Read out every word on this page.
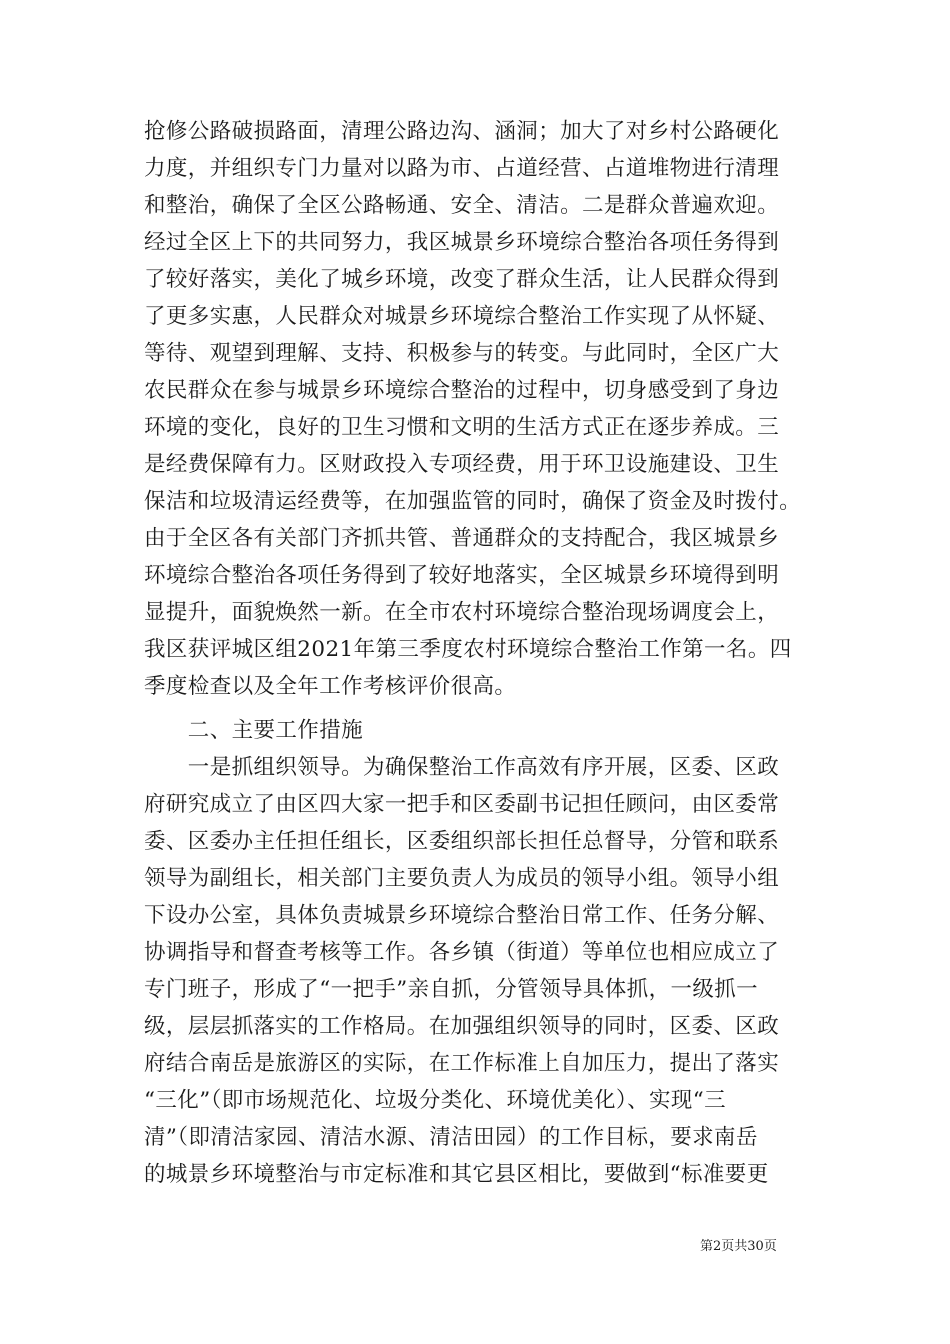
抢修公路破损路面，清理公路边沟、涵洞；加大了对乡村公路硬化
力度，并组织专门力量对以路为市、占道经营、占道堆物进行清理
和整治，确保了全区公路畅通、安全、清洁。二是群众普遍欢迎。
经过全区上下的共同努力，我区城景乡环境综合整治各项任务得到
了较好落实，美化了城乡环境，改变了群众生活，让人民群众得到
了更多实惠，人民群众对城景乡环境综合整治工作实现了从怀疑、
等待、观望到理解、支持、积极参与的转变。与此同时，全区广大
农民群众在参与城景乡环境综合整治的过程中，切身感受到了身边
环境的变化，良好的卫生习惯和文明的生活方式正在逐步养成。三
是经费保障有力。区财政投入专项经费，用于环卫设施建设、卫生
保洁和垃圾清运经费等，在加强监管的同时，确保了资金及时拨付。
由于全区各有关部门齐抓共管、普通群众的支持配合，我区城景乡
环境综合整治各项任务得到了较好地落实，全区城景乡环境得到明
显提升，面貌焕然一新。在全市农村环境综合整治现场调度会上，
我区获评城区组2021年第三季度农村环境综合整治工作第一名。四
季度检查以及全年工作考核评价很高。
　　二、主要工作措施
　　一是抓组织领导。为确保整治工作高效有序开展，区委、区政
府研究成立了由区四大家一把手和区委副书记担任顾问，由区委常
委、区委办主任担任组长，区委组织部长担任总督导，分管和联系
领导为副组长，相关部门主要负责人为成员的领导小组。领导小组
下设办公室，具体负责城景乡环境综合整治日常工作、任务分解、
协调指导和督查考核等工作。各乡镇（街道）等单位也相应成立了
专门班子，形成了“一把手”亲自抓，分管领导具体抓，一级抓一
级，层层抓落实的工作格局。在加强组织领导的同时，区委、区政
府结合南岳是旅游区的实际，在工作标准上自加压力，提出了落实
“三化”（即市场规范化、垃圾分类化、环境优美化）、实现“三
清”（即清洁家园、清洁水源、清洁田园）的工作目标，要求南岳
的城景乡环境整治与市定标准和其它县区相比，要做到“标准要更
第2页共30页
